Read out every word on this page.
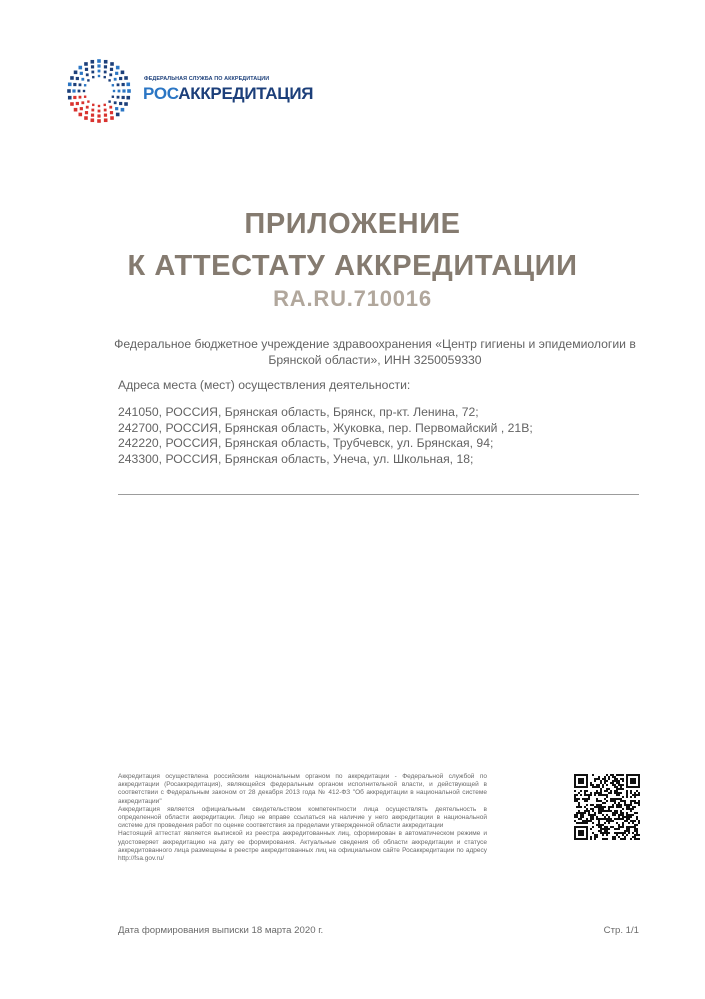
ФЕДЕРАЛЬНАЯ СЛУЖБА ПО АККРЕДИТАЦИИ
РОСАККРЕДИТАЦИЯ
ПРИЛОЖЕНИЕ
К АТТЕСТАТУ АККРЕДИТАЦИИ
RA.RU.710016
Федеральное бюджетное учреждение здравоохранения «Центр гигиены и эпидемиологии в Брянской области», ИНН 3250059330
Адреса места (мест) осуществления деятельности:
241050, РОССИЯ, Брянская область, Брянск, пр-кт. Ленина, 72;
242700, РОССИЯ, Брянская область, Жуковка, пер. Первомайский , 21В;
242220, РОССИЯ, Брянская область, Трубчевск, ул. Брянская, 94;
243300, РОССИЯ, Брянская область, Унеча, ул. Школьная, 18;

Аккредитация осуществлена российским национальным органом по аккредитации - Федеральной службой по аккредитации (Росаккредитация), являющейся федеральным органом исполнительной власти, и действующей в соответствии с Федеральным законом от 28 декабря 2013 года № 412-ФЗ "Об аккредитации в национальной системе аккредитации"

Аккредитация является официальным свидетельством компетентности лица осуществлять деятельность в определенной области аккредитации. Лицо не вправе ссылаться на наличие у него аккредитации в национальной системе для проведения работ по оценке соответствия за пределами утвержденной области аккредитации

Настоящий аттестат является выпиской из реестра аккредитованных лиц, сформирован в автоматическом режиме и удостоверяет аккредитацию на дату ее формирования. Актуальные сведения об области аккредитации и статусе аккредитованного лица размещены в реестре аккредитованных лиц на официальном сайте Росаккредитации по адресу http://fsa.gov.ru/

Дата формирования выписки 18 марта 2020 г.	Стр. 1/1
